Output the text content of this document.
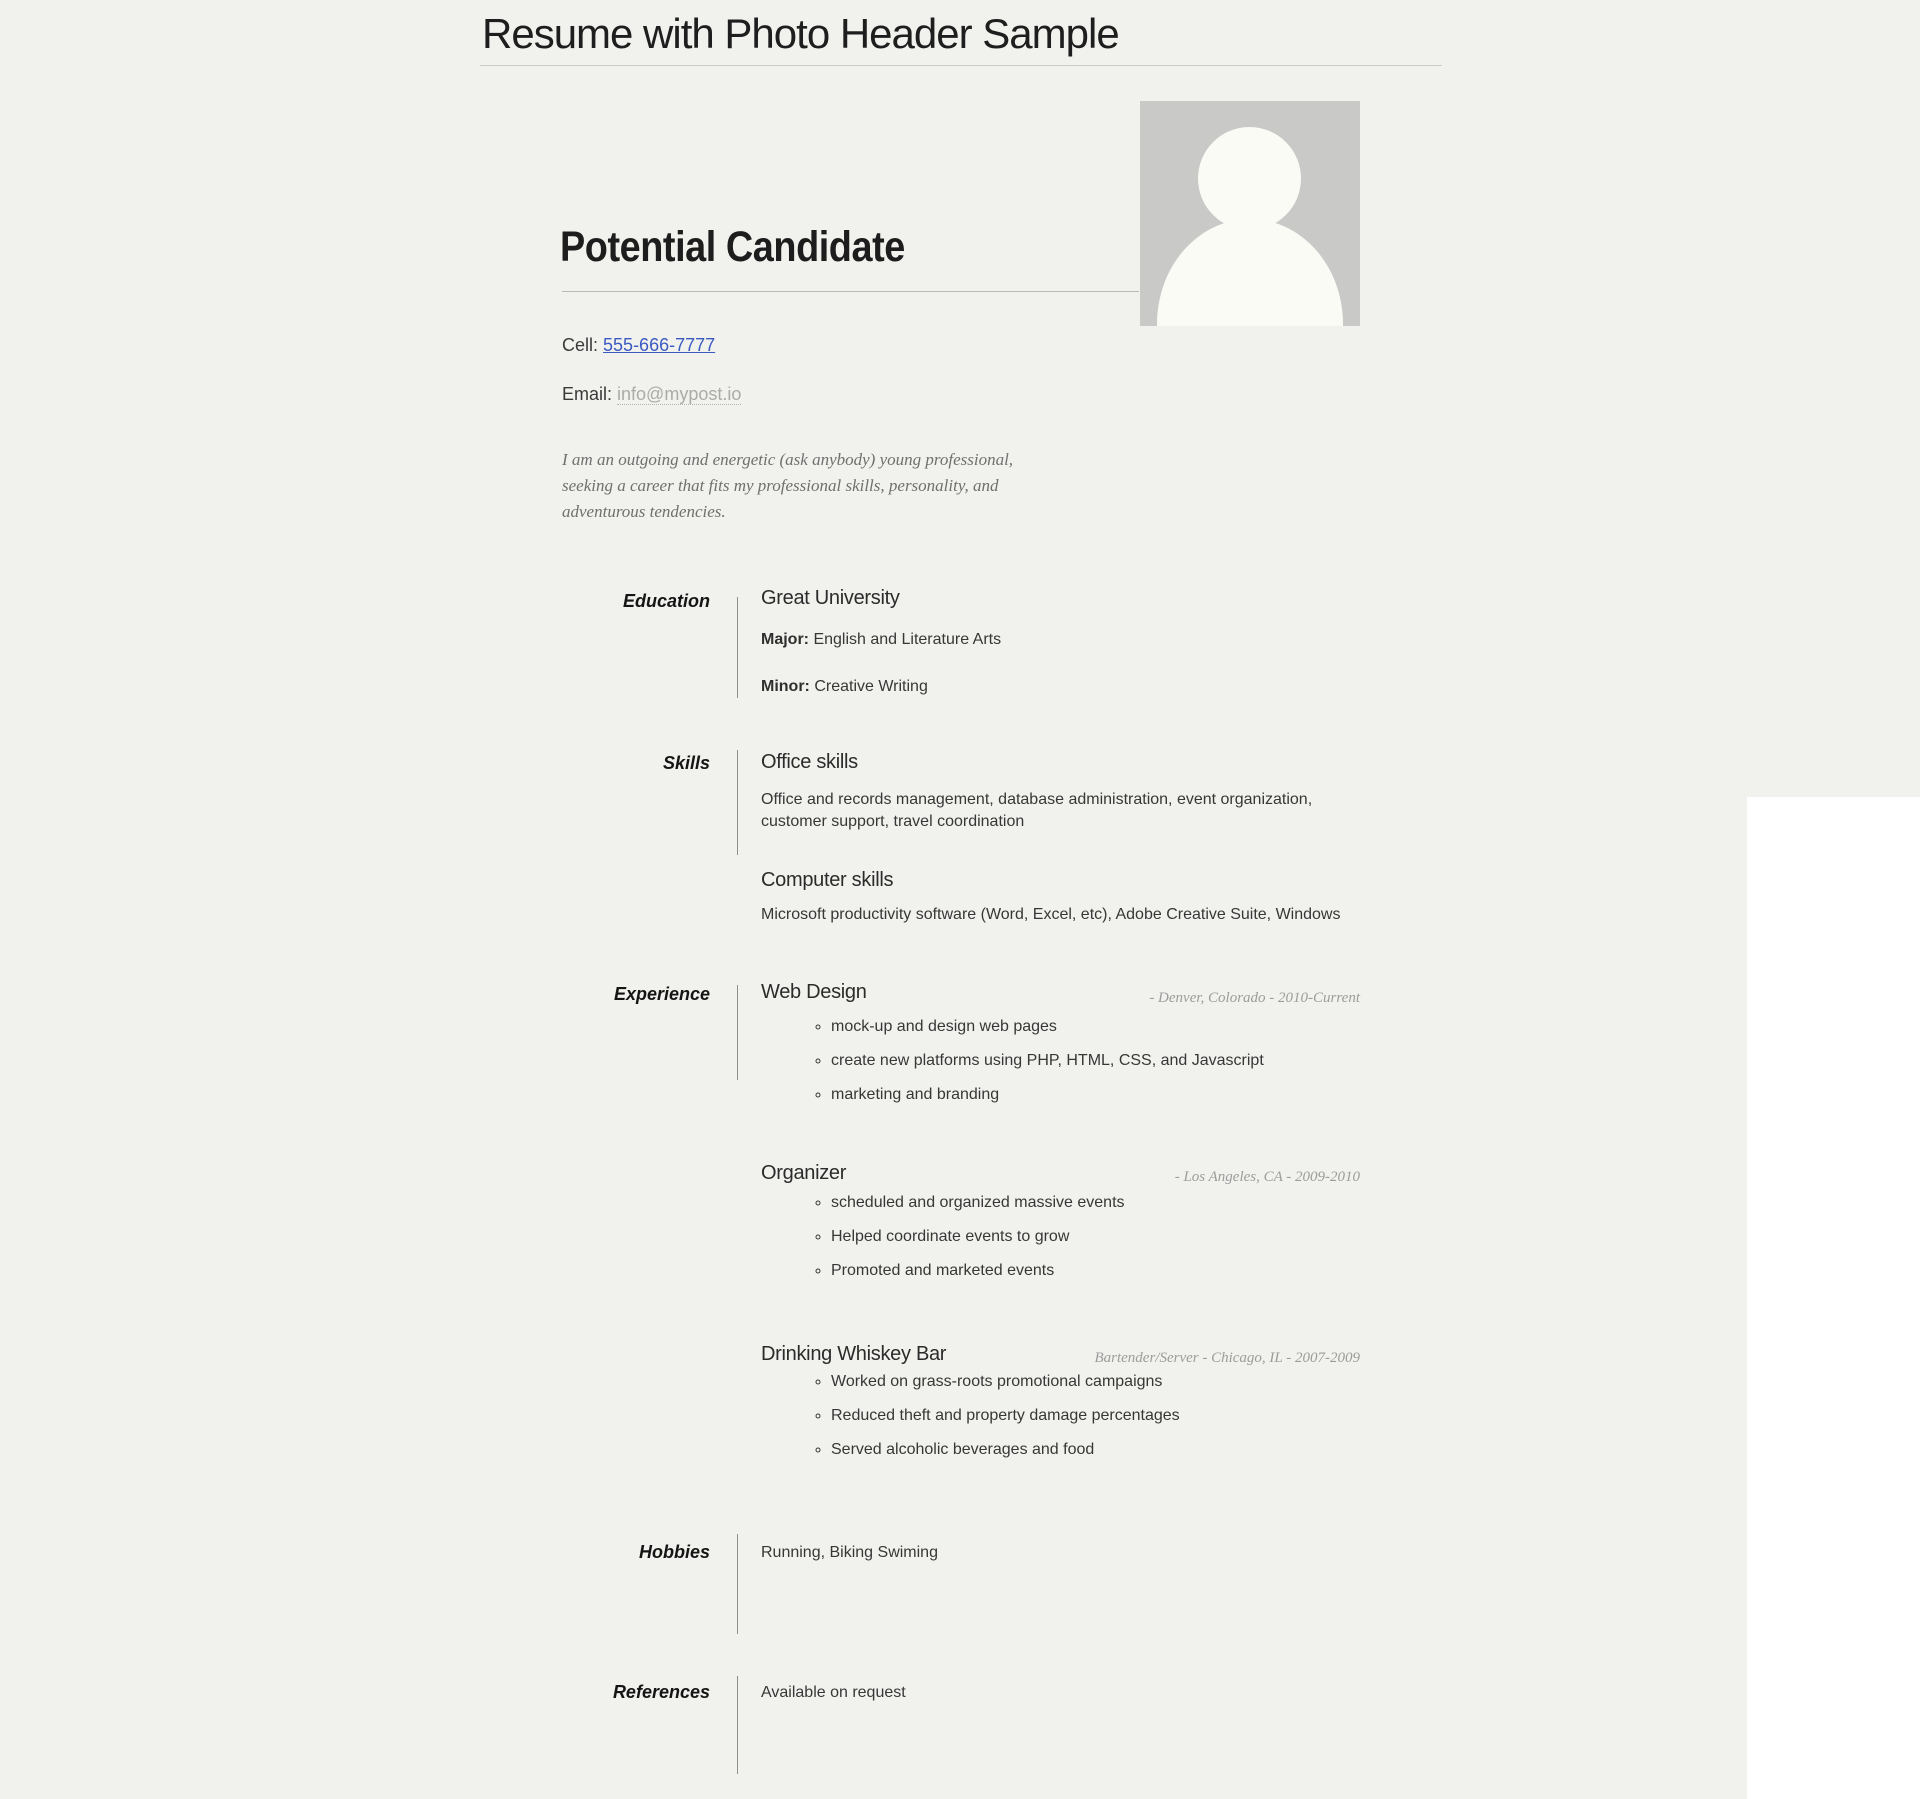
Resume with Photo Header Sample
Potential Candidate
Cell: 555-666-7777
Email: info@mypost.io
I am an outgoing and energetic (ask anybody) young professional,
seeking a career that fits my professional skills, personality, and
adventurous tendencies.
Education	Great University
Major: English and Literature Arts
Minor: Creative Writing
Skills	Office skills
Office and records management, database administration, event organization,
customer support, travel coordination
Computer skills
Microsoft productivity software (Word, Excel, etc), Adobe Creative Suite, Windows
Experience	Web Design	- Denver, Colorado - 2010-Current
◦ mock-up and design web pages
◦ create new platforms using PHP, HTML, CSS, and Javascript
◦ marketing and branding
Organizer	- Los Angeles, CA - 2009-2010
◦ scheduled and organized massive events
◦ Helped coordinate events to grow
◦ Promoted and marketed events
Drinking Whiskey Bar	Bartender/Server - Chicago, IL - 2007-2009
◦ Worked on grass-roots promotional campaigns
◦ Reduced theft and property damage percentages
◦ Served alcoholic beverages and food
Hobbies	Running, Biking Swiming
References	Available on request
